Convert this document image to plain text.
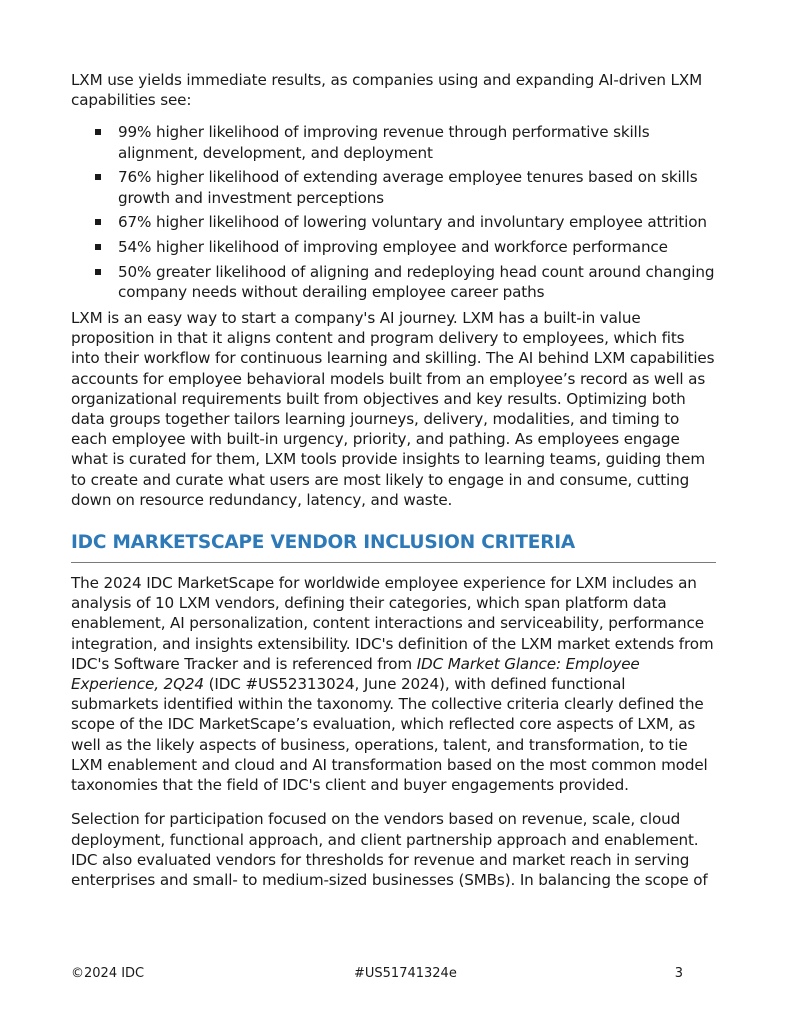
LXM use yields immediate results, as companies using and expanding AI-driven LXM capabilities see:

99% higher likelihood of improving revenue through performative skills alignment, development, and deployment
76% higher likelihood of extending average employee tenures based on skills growth and investment perceptions
67% higher likelihood of lowering voluntary and involuntary employee attrition
54% higher likelihood of improving employee and workforce performance
50% greater likelihood of aligning and redeploying head count around changing company needs without derailing employee career paths

LXM is an easy way to start a company's AI journey. LXM has a built-in value proposition in that it aligns content and program delivery to employees, which fits into their workflow for continuous learning and skilling. The AI behind LXM capabilities accounts for employee behavioral models built from an employee’s record as well as organizational requirements built from objectives and key results. Optimizing both data groups together tailors learning journeys, delivery, modalities, and timing to each employee with built-in urgency, priority, and pathing. As employees engage what is curated for them, LXM tools provide insights to learning teams, guiding them to create and curate what users are most likely to engage in and consume, cutting down on resource redundancy, latency, and waste.

IDC MARKETSCAPE VENDOR INCLUSION CRITERIA

The 2024 IDC MarketScape for worldwide employee experience for LXM includes an analysis of 10 LXM vendors, defining their categories, which span platform data enablement, AI personalization, content interactions and serviceability, performance integration, and insights extensibility. IDC's definition of the LXM market extends from IDC's Software Tracker and is referenced from IDC Market Glance: Employee Experience, 2Q24 (IDC #US52313024, June 2024), with defined functional submarkets identified within the taxonomy. The collective criteria clearly defined the scope of the IDC MarketScape’s evaluation, which reflected core aspects of LXM, as well as the likely aspects of business, operations, talent, and transformation, to tie LXM enablement and cloud and AI transformation based on the most common model taxonomies that the field of IDC's client and buyer engagements provided.

Selection for participation focused on the vendors based on revenue, scale, cloud deployment, functional approach, and client partnership approach and enablement. IDC also evaluated vendors for thresholds for revenue and market reach in serving enterprises and small- to medium-sized businesses (SMBs). In balancing the scope of

©2024 IDC	#US51741324e	3
